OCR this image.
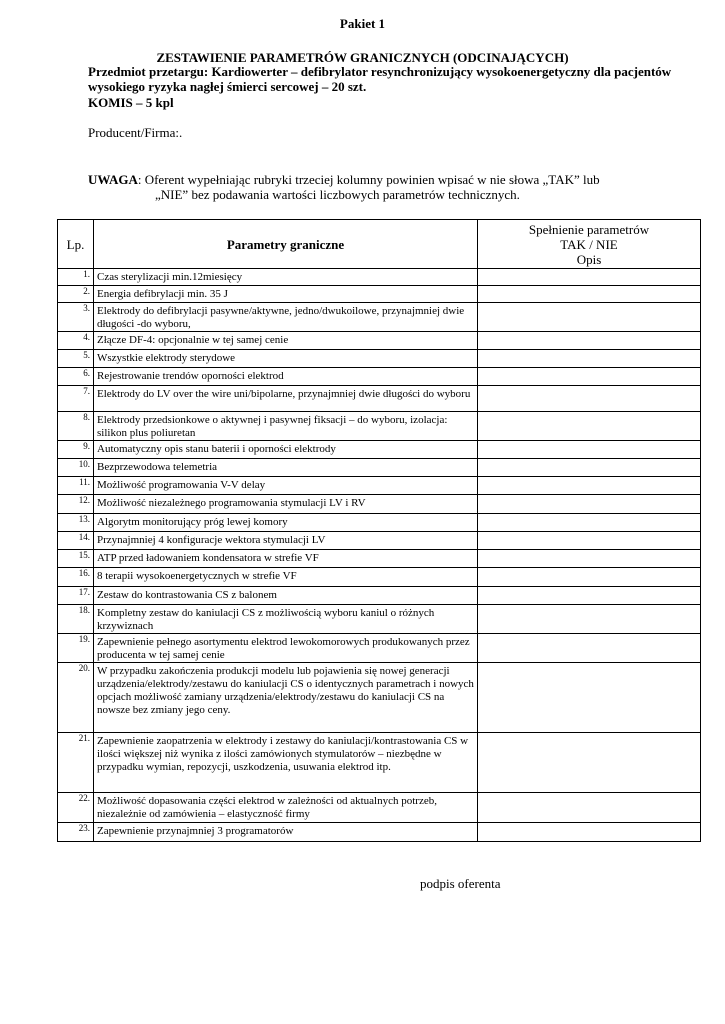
Pakiet 1
ZESTAWIENIE PARAMETRÓW GRANICZNYCH (ODCINAJĄCYCH)
Przedmiot przetargu: Kardiowerter – defibrylator resynchronizujący wysokoenergetyczny dla pacjentów wysokiego ryzyka nagłej śmierci sercowej – 20 szt.
KOMIS – 5 kpl
Producent/Firma:.
UWAGA: Oferent wypełniając rubryki trzeciej kolumny powinien wpisać w nie słowa „TAK” lub
„NIE” bez podawania wartości liczbowych parametrów technicznych.
Lp.	Parametry graniczne	Spełnienie parametrów
TAK / NIE
Opis

1.	Czas sterylizacji min.12miesięcy	
2.	Energia defibrylacji min. 35 J	
3.	Elektrody do defibrylacji pasywne/aktywne, jedno/dwukoilowe, przynajmniej dwie długości -do wyboru,	
4.	Złącze DF-4: opcjonalnie w tej samej cenie	
5.	Wszystkie elektrody sterydowe	
6.	Rejestrowanie trendów oporności elektrod	
7.	Elektrody do LV over the wire uni/bipolarne, przynajmniej dwie długości do wyboru	
8.	Elektrody przedsionkowe o aktywnej i pasywnej fiksacji – do wyboru, izolacja: silikon plus poliuretan	
9.	Automatyczny opis stanu baterii i oporności elektrody	
10.	Bezprzewodowa telemetria	
11.	Możliwość programowania V-V delay	
12.	Możliwość niezależnego programowania stymulacji LV i RV	
13.	Algorytm monitorujący próg lewej komory	
14.	Przynajmniej 4 konfiguracje wektora stymulacji LV	
15.	ATP przed ładowaniem kondensatora w strefie VF	
16.	8 terapii wysokoenergetycznych w strefie VF	
17.	Zestaw do kontrastowania CS z balonem	
18.	Kompletny zestaw do kaniulacji CS z możliwością wyboru kaniul o różnych krzywiznach	
19.	Zapewnienie pełnego asortymentu elektrod lewokomorowych produkowanych przez producenta w tej samej cenie	
20.	W przypadku zakończenia produkcji modelu lub pojawienia się nowej generacji urządzenia/elektrody/zestawu do kaniulacji CS o identycznych parametrach i nowych opcjach możliwość zamiany urządzenia/elektrody/zestawu do kaniulacji CS na nowsze bez zmiany jego ceny.	
21.	Zapewnienie zaopatrzenia w elektrody i zestawy do kaniulacji/kontrastowania CS w ilości większej niż wynika z ilości zamówionych stymulatorów – niezbędne w przypadku wymian, repozycji, uszkodzenia, usuwania elektrod itp.	
22.	Możliwość dopasowania części elektrod w zależności od aktualnych potrzeb, niezależnie od zamówienia – elastyczność firmy	
23.	Zapewnienie przynajmniej 3 programatorów	
podpis oferenta
